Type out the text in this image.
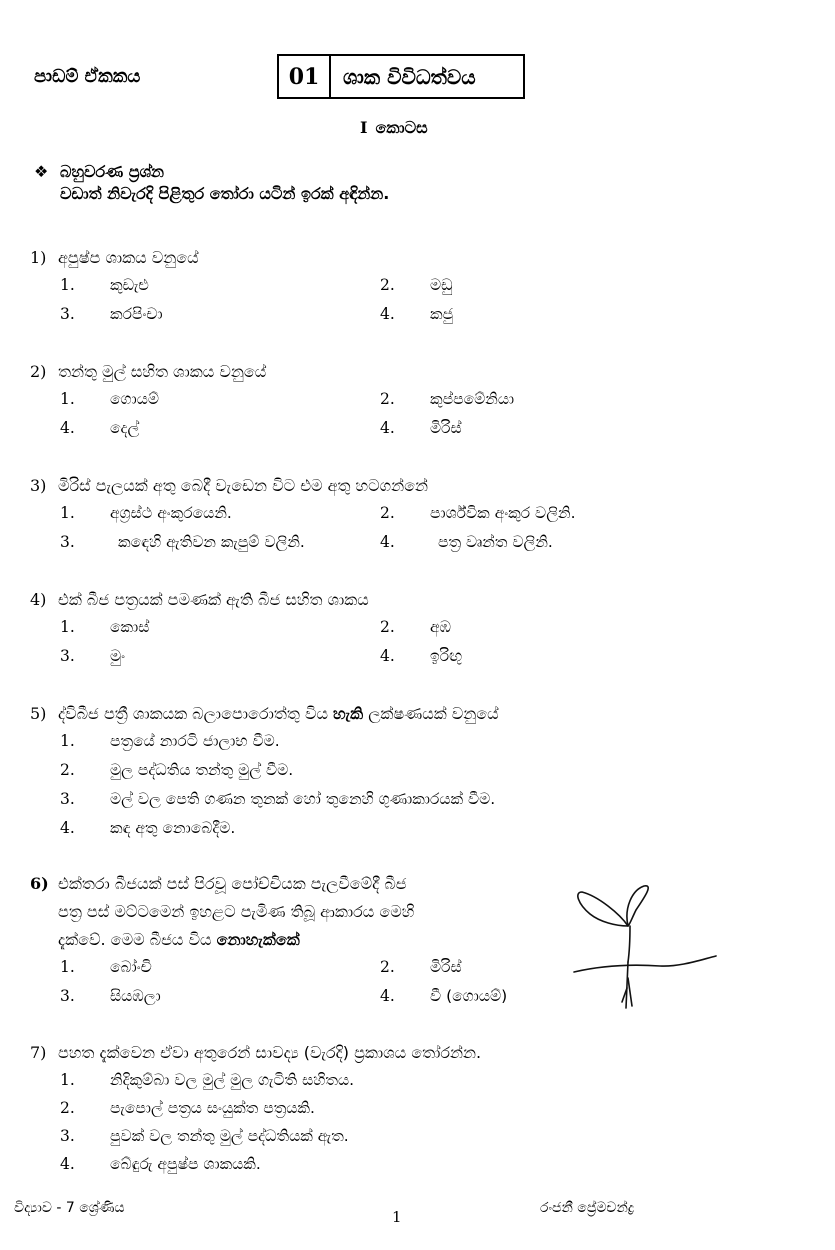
පාඩම් ඒකකය	01	ශාක විවිධත්වය
I කොටස
❖ බහුවරණ ප්‍රශ්න
වඩාත් නිවැරදි පිළිතුර තෝරා යටින් ඉරක් අඳින්න.
1) අපුෂ්ප ශාකය වනුයේ
1. කුඩැළු	2. මඩු
3. කරපිංචා	4. කජු
2) තන්තු මුල් සහිත ශාකය වනුයේ
1. ගොයම්	2. කුප්පමේනියා
4. දෙල්	4. මිරිස්
3) මිරිස් පැලයක් අතු බෙදී වැඩෙන විට එම අතු හටගන්නේ
1. අග්‍රස්ථ අංකුරයෙනි.	2. පාර්ශ්වික අංකුර වලිනි.
3.	කඳෙහි ඇතිවන කැපුම් වලිනි.	4.	පත්‍ර වෘන්ත වලිනි.
4) එක් බීජ පත්‍රයක් පමණක් ඇති බීජ සහිත ශාකය
1. කොස්	2. අඹ
3. මුං	4. ඉරිඟු
5) ද්විබීජ පත්‍රී ශාකයක බලාපොරොත්තු විය හැකි ලක්ෂණයක් වනුයේ
1. පත්‍රයේ නාරටි ජාලාභ වීම.
2. මුල පද්ධතිය තන්තු මුල් වීම.
3. මල් වල පෙති ගණන තුනක් හෝ තුනෙහි ගුණාකාරයක් වීම.
4. කඳ අතු නොබෙදීම.
6) එක්තරා බීජයක් පස් පිරවූ පෝච්චියක පැලවීමේදී බීජ
පත්‍ර පස් මට්ටමෙන් ඉහළට පැමිණ තිබූ ආකාරය මෙහි
දැක්වේ. මෙම බීජය විය නොහැක්කේ
1. බෝංචි	2. මිරිස්
3. සියඹලා	4. වී (ගොයම්)
7) පහත දැක්වෙන ඒවා අතුරෙන් සාවද්‍ය (වැරදි) ප්‍රකාශය තෝරන්න.
1. නිදිකුම්බා වල මුල් මුල ගැටිති සහිතය.
2. පැපොල් පත්‍රය සංයුක්ත පත්‍රයකි.
3. පුවක් වල තන්තු මුල් පද්ධතියක් ඇත.
4. බේඳුරු අපුෂ්ප ශාකයකි.
විද්‍යාව - 7 ශ්‍රේණිය	1	රංජනී ප්‍රේමචන්ද්‍ර
